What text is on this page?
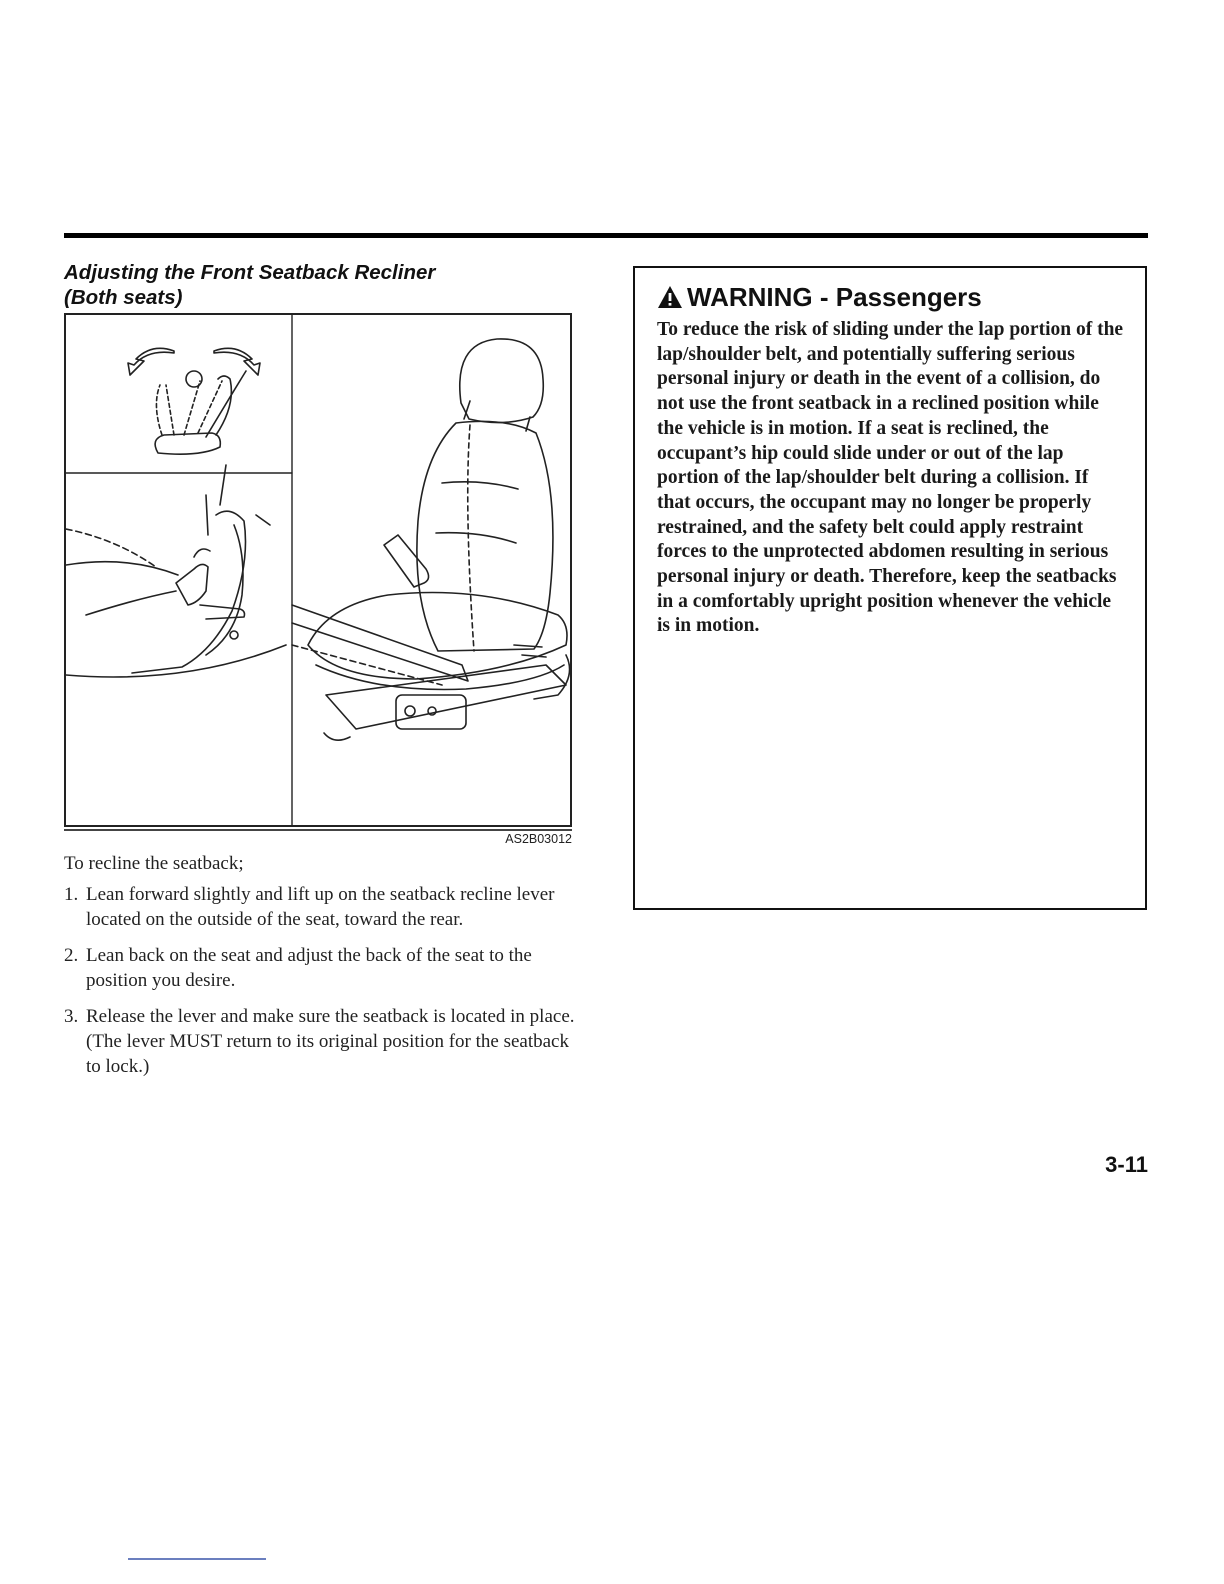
Adjusting the Front Seatback Recliner
(Both seats)
AS2B03012
To recline the seatback;
1. Lean forward slightly and lift up on the seatback recline lever located on the outside of the seat, toward the rear.
2. Lean back on the seat and adjust the back of the seat to the position you desire.
3. Release the lever and make sure the seatback is located in place. (The lever MUST return to its original position for the seatback to lock.)
WARNING - Passengers

To reduce the risk of sliding under the lap portion of the lap/shoulder belt, and potentially suffering serious personal injury or death in the event of a collision, do not use the front seatback in a reclined position while the vehicle is in motion. If a seat is reclined, the occupant’s hip could slide under or out of the lap portion of the lap/shoulder belt during a collision. If that occurs, the occupant may no longer be properly restrained, and the safety belt could apply restraint forces to the unprotected abdomen resulting in serious personal injury or death. Therefore, keep the seatbacks in a comfortably upright position whenever the vehicle is in motion.

3-11
